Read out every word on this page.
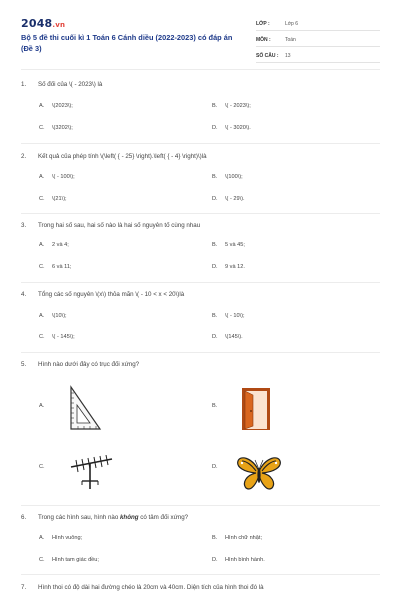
2048.vn
Bộ 5 đề thi cuối kì 1 Toán 6 Cánh diều (2022-2023) có đáp án (Đề 3)
LỚP :	Lớp 6
MÔN :	Toán
SỐ CÂU :	13
1. Số đối của \( - 2023\) là
A. \(2023\);	B. \( - 2023\);
C. \(3202\);	D. \( - 3020\).
2. Kết quả của phép tính \(\left( { - 25} \right).\left( { - 4} \right)\)là
A. \( - 100\);	B. \(100\);
C. \(21\);	D. \( - 29\).
3. Trong hai số sau, hai số nào là hai số nguyên tố cùng nhau
A. 2 và 4;	B. 5 và 45;
C. 6 và 11;	D. 9 và 12.
4. Tổng các số nguyên \(x\) thỏa mãn \( - 10 < x < 20\)là
A. \(10\);	B. \( - 10\);
C. \( - 145\);	D. \(145\).
5. Hình nào dưới đây có trục đối xứng?
A.	B.
C.	D.
6. Trong các hình sau, hình nào không có tâm đối xứng?
A. Hình vuông;	B. Hình chữ nhật;
C. Hình tam giác đều;	D. Hình bình hành.
7. Hình thoi có độ dài hai đường chéo là 20cm và 40cm. Diện tích của hình thoi đó là
